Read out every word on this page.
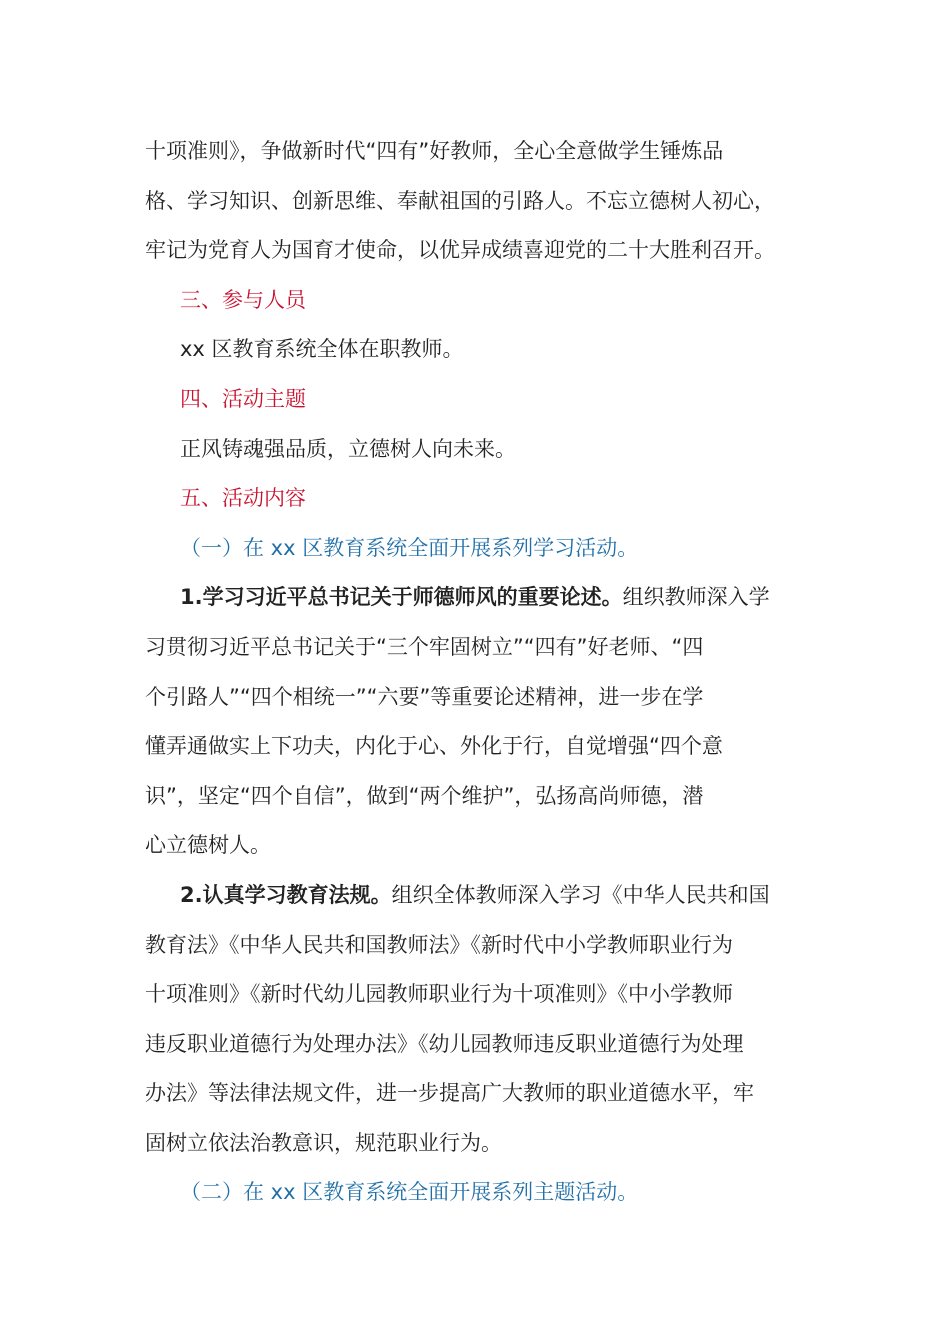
十项准则》，争做新时代“四有”好教师，全心全意做学生锤炼品
格、学习知识、创新思维、奉献祖国的引路人。不忘立德树人初心，
牢记为党育人为国育才使命，以优异成绩喜迎党的二十大胜利召开。
三、参与人员
xx 区教育系统全体在职教师。
四、活动主题
正风铸魂强品质，立德树人向未来。
五、活动内容
（一）在 xx 区教育系统全面开展系列学习活动。
1.学习习近平总书记关于师德师风的重要论述。组织教师深入学
习贯彻习近平总书记关于“三个牢固树立”“四有”好老师、“四
个引路人”“四个相统一”“六要”等重要论述精神，进一步在学
懂弄通做实上下功夫，内化于心、外化于行，自觉增强“四个意
识”，坚定“四个自信”，做到“两个维护”，弘扬高尚师德，潜
心立德树人。
2.认真学习教育法规。组织全体教师深入学习《中华人民共和国
教育法》《中华人民共和国教师法》《新时代中小学教师职业行为
十项准则》《新时代幼儿园教师职业行为十项准则》《中小学教师
违反职业道德行为处理办法》《幼儿园教师违反职业道德行为处理
办法》等法律法规文件，进一步提高广大教师的职业道德水平，牢
固树立依法治教意识，规范职业行为。
（二）在 xx 区教育系统全面开展系列主题活动。
